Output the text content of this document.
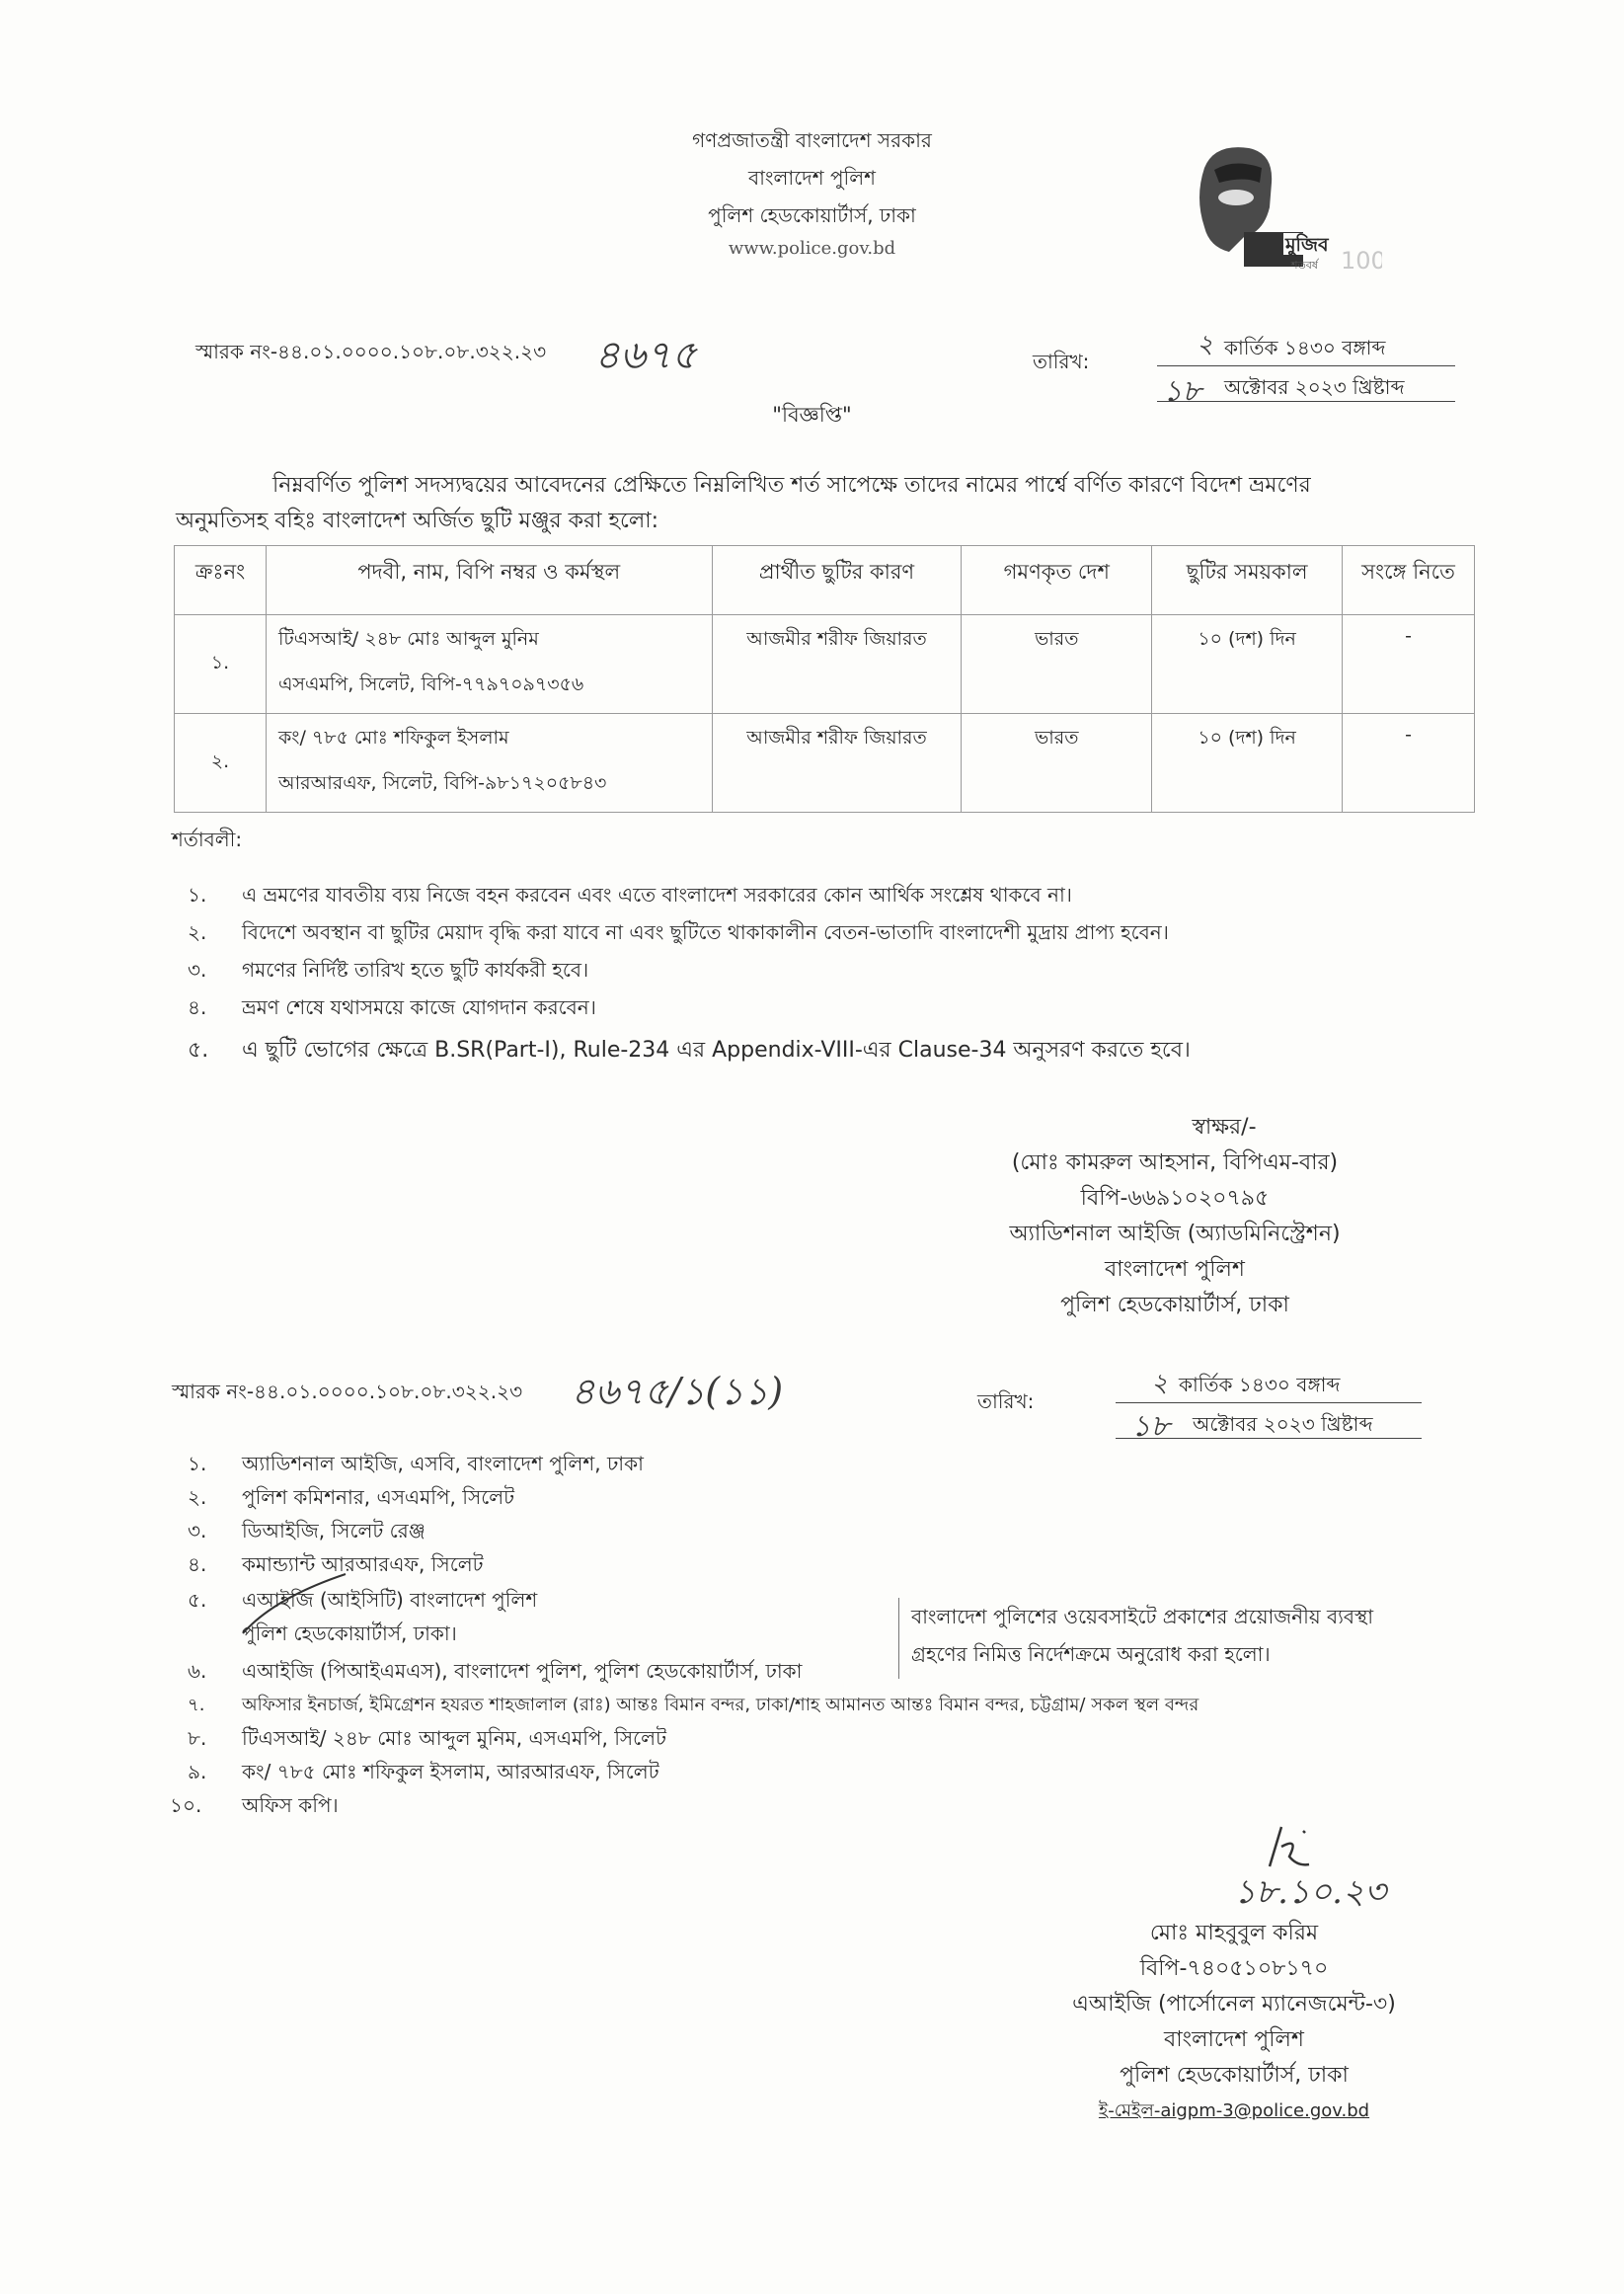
গণপ্রজাতন্ত্রী বাংলাদেশ সরকার
বাংলাদেশ পুলিশ
পুলিশ হেডকোয়ার্টার্স, ঢাকা
www.police.gov.bd	মুজিব
শতবর্ষ 100
স্মারক নং-৪৪.০১.০০০০.১০৮.০৮.৩২২.২৩ ৪৬৭৫	তারিখ:
২ কার্তিক ১৪৩০ বঙ্গাব্দ
১৮ অক্টোবর ২০২৩ খ্রিষ্টাব্দ
"বিজ্ঞপ্তি"
নিম্নবর্ণিত পুলিশ সদস্যদ্বয়ের আবেদনের প্রেক্ষিতে নিম্নলিখিত শর্ত সাপেক্ষে তাদের নামের পার্শ্বে বর্ণিত কারণে বিদেশ ভ্রমণের
অনুমতিসহ বহিঃ বাংলাদেশ অর্জিত ছুটি মঞ্জুর করা হলো:
ক্রঃনং	পদবী, নাম, বিপি নম্বর ও কর্মস্থল	প্রার্থীত ছুটির কারণ	গমণকৃত দেশ	ছুটির সময়কাল	সংঙ্গে নিতে
১.	টিএসআই/ ২৪৮ মোঃ আব্দুল মুনিম
এসএমপি, সিলেট, বিপি-৭৭৯৭০৯৭৩৫৬	আজমীর শরীফ জিয়ারত	ভারত	১০ (দশ) দিন	-
২.	কং/ ৭৮৫ মোঃ শফিকুল ইসলাম
আরআরএফ, সিলেট, বিপি-৯৮১৭২০৫৮৪৩	আজমীর শরীফ জিয়ারত	ভারত	১০ (দশ) দিন	-
শর্তাবলী:
১. এ ভ্রমণের যাবতীয় ব্যয় নিজে বহন করবেন এবং এতে বাংলাদেশ সরকারের কোন আর্থিক সংশ্লেষ থাকবে না।
২. বিদেশে অবস্থান বা ছুটির মেয়াদ বৃদ্ধি করা যাবে না এবং ছুটিতে থাকাকালীন বেতন-ভাতাদি বাংলাদেশী মুদ্রায় প্রাপ্য হবেন।
৩. গমণের নির্দিষ্ট তারিখ হতে ছুটি কার্যকরী হবে।
৪. ভ্রমণ শেষে যথাসময়ে কাজে যোগদান করবেন।
৫. এ ছুটি ভোগের ক্ষেত্রে B.SR(Part-I), Rule-234 এর Appendix-VIII-এর Clause-34 অনুসরণ করতে হবে।
স্বাক্ষর/-
(মোঃ কামরুল আহসান, বিপিএম-বার)
বিপি-৬৬৯১০২০৭৯৫
অ্যাডিশনাল আইজি (অ্যাডমিনিস্ট্রেশন)
বাংলাদেশ পুলিশ
পুলিশ হেডকোয়ার্টার্স, ঢাকা
স্মারক নং-৪৪.০১.০০০০.১০৮.০৮.৩২২.২৩ ৪৬৭৫/১(১১)	তারিখ:
২ কার্তিক ১৪৩০ বঙ্গাব্দ
১৮ অক্টোবর ২০২৩ খ্রিষ্টাব্দ
১. অ্যাডিশনাল আইজি, এসবি, বাংলাদেশ পুলিশ, ঢাকা
২. পুলিশ কমিশনার, এসএমপি, সিলেট
৩. ডিআইজি, সিলেট রেঞ্জ
৪. কমান্ড্যান্ট আরআরএফ, সিলেট
৫. এআইজি (আইসিটি) বাংলাদেশ পুলিশ
পুলিশ হেডকোয়ার্টার্স, ঢাকা।
৬. এআইজি (পিআইএমএস), বাংলাদেশ পুলিশ, পুলিশ হেডকোয়ার্টার্স, ঢাকা
৭. অফিসার ইনচার্জ, ইমিগ্রেশন হযরত শাহজালাল (রাঃ) আন্তঃ বিমান বন্দর, ঢাকা/শাহ আমানত আন্তঃ বিমান বন্দর, চট্টগ্রাম/ সকল স্থল বন্দর
৮. টিএসআই/ ২৪৮ মোঃ আব্দুল মুনিম, এসএমপি, সিলেট
৯. কং/ ৭৮৫ মোঃ শফিকুল ইসলাম, আরআরএফ, সিলেট
১০. অফিস কপি।
বাংলাদেশ পুলিশের ওয়েবসাইটে প্রকাশের প্রয়োজনীয় ব্যবস্থা
গ্রহণের নিমিত্ত নির্দেশক্রমে অনুরোধ করা হলো।
১৮.১০.২৩
মোঃ মাহবুবুল করিম
বিপি-৭৪০৫১০৮১৭০
এআইজি (পার্সোনেল ম্যানেজমেন্ট-৩)
বাংলাদেশ পুলিশ
পুলিশ হেডকোয়ার্টার্স, ঢাকা
ই-মেইল-aigpm-3@police.gov.bd
